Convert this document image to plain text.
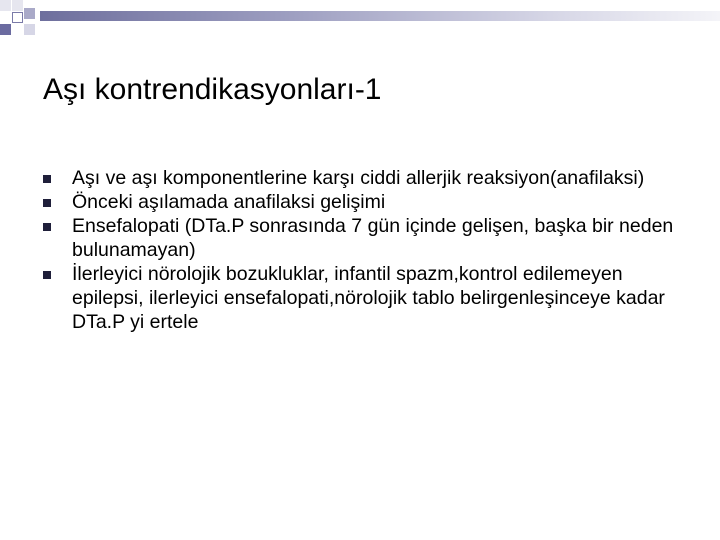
Aşı kontrendikasyonları-1
Aşı ve aşı komponentlerine karşı ciddi allerjik reaksiyon(anafilaksi)
Önceki aşılamada anafilaksi gelişimi
Ensefalopati (DTa.P sonrasında 7 gün içinde gelişen, başka bir neden bulunamayan)
İlerleyici nörolojik bozukluklar, infantil spazm,kontrol edilemeyen epilepsi, ilerleyici ensefalopati,nörolojik tablo belirgenleşinceye kadar DTa.P yi ertele
